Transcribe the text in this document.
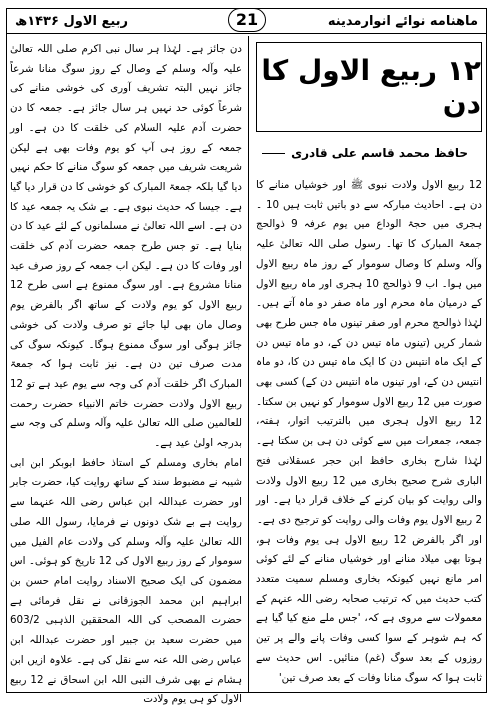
ربیع الاول ۱۴۳۶ھ	ماهنامه نوائے انوارمدینه
21
۱۲ ربیع الاول کا دن
حافظ محمد قاسم علی قادری

12 ربیع الاول ولادت نبوی ﷺ اور خوشیاں منانے کا دن ہے۔ احادیث مبارکہ سے دو باتیں ثابت ہیں 10 ۔ ہجری میں حجۃ الوداع میں یوم عرفہ 9 ذوالحج جمعۃ المبارک کا تھا۔ رسول صلی اللہ تعالیٰ علیہ وآلہ وسلم کا وصال سوموار کے روز ماہ ربیع الاول میں ہوا۔ اب 9 ذوالحج 10 ہجری اور ماہ ربیع الاول کے درمیان ماہ محرم اور ماہ صفر دو ماہ آتے ہیں۔ لہٰذا ذوالحج محرم اور صفر تینوں ماہ جس طرح بھی شمار کریں (تینوں ماہ تیس دن کے، دو ماہ تیس دن کے ایک ماہ انتیس دن کا ایک ماہ تیس دن کا، دو ماہ انتیس دن کے، اور تینوں ماہ انتیس دن کے) کسی بھی صورت میں 12 ربیع الاول سوموار کو نہیں بن سکتا۔ 12 ربیع الاول ہجری میں بالترتیب اتوار، ہفتہ، جمعہ، جمعرات میں سے کوئی دن ہی بن سکتا ہے۔ لہٰذا شارح بخاری حافظ ابن حجر عسقلانی فتح الباری شرح صحیح بخاری میں 12 ربیع الاول ولادت والی روایت کو بیان کرنے کے خلاف قرار دیا ہے۔ اور 2 ربیع الاول یوم وفات والی روایت کو ترجیح دی ہے۔

اور اگر بالفرض 12 ربیع الاول ہی یوم وفات ہو، ہوتا بھی میلاد منانے اور خوشیاں منانے کے لئے کوئی امر مانع نہیں کیونکہ بخاری ومسلم سمیت متعدد کتب حدیث میں کہ ترتیب صحابہ رضی اللہ عنہم کے معمولات سے مروی ہے کہ، 'جس ملے منع کیا گیا ہے کہ ہم شوہر کے سوا کسی وفات پانے والے پر تین روزوں کے بعد سوگ (غم) منائیں۔ اس حدیث سے ثابت ہوا کہ سوگ منانا وفات کے بعد صرف تین'

دن جائز ہے۔ لہٰذا ہر سال نبی اکرم صلی اللہ تعالیٰ علیہ وآلہ وسلم کے وصال کے روز سوگ منانا شرعاً جائز نہیں البتہ تشریف آوری کی خوشی منانے کی شرعاً کوئی حد نہیں ہر سال جائز ہے۔ جمعہ کا دن حضرت آدم علیہ السلام کی خلقت کا دن ہے۔ اور جمعہ کے روز ہی آپ کو یوم وفات بھی ہے لیکن شریعت شریف میں جمعہ کو سوگ منانے کا حکم نہیں دیا گیا بلکہ جمعۃ المبارک کو خوشی کا دن قرار دیا گیا ہے۔ جیسا کہ حدیث نبوی ہے۔ بے شک یہ جمعہ عید کا دن ہے۔ اسے اللہ تعالیٰ نے مسلمانوں کے لئے عید کا دن بنایا ہے۔ تو جس طرح جمعہ حضرت آدم کی خلقت اور وفات کا دن ہے۔ لیکن اب جمعہ کے روز صرف عید منانا مشروع ہے۔ اور سوگ ممنوع ہے اسی طرح 12 ربیع الاول کو یوم ولادت کے ساتھ اگر بالفرض یوم وصال مان بھی لیا جائے تو صرف ولادت کی خوشی جائز ہوگی اور سوگ ممنوع ہوگا۔ کیونکہ سوگ کی مدت صرف تین دن ہے۔ نیز ثابت ہوا کہ جمعۃ المبارک اگر خلقت آدم کی وجہ سے یوم عید ہے تو 12 ربیع الاول ولادت حضرت خاتم الانبیاء حضرت رحمت للعالمین صلی اللہ تعالیٰ علیہ وآلہ وسلم کی وجہ سے بدرجہ اولیٰ عید ہے۔

امام بخاری ومسلم کے استاذ حافظ ابوبکر ابن ابی شیبہ نے مضبوط سند کے ساتھ روایت کیا، حضرت جابر اور حضرت عبداللہ ابن عباس رضی اللہ عنہما سے روایت ہے بے شک دونوں نے فرمایا، رسول اللہ صلی اللہ تعالیٰ علیہ وآلہ وسلم کی ولادت عام الفیل میں سوموار کے روز ربیع الاول کی 12 تاریخ کو ہوئی۔ اس مضمون کی ایک صحیح الاسناد روایت امام حسن بن ابراہیم ابن محمد الجوزقانی نے نقل فرمائی ہے حضرت المصحب کی اللہ المحققین الذہبی 603/2 میں حضرت سعید بن جبیر اور حضرت عبداللہ ابن عباس رضی اللہ عنہ سے نقل کی ہے۔ علاوہ ازیں ابن ہشام نے بھی شرف النبی اللہ ابن اسحاق نے 12 ربیع الاول کو ہی یوم ولادت
